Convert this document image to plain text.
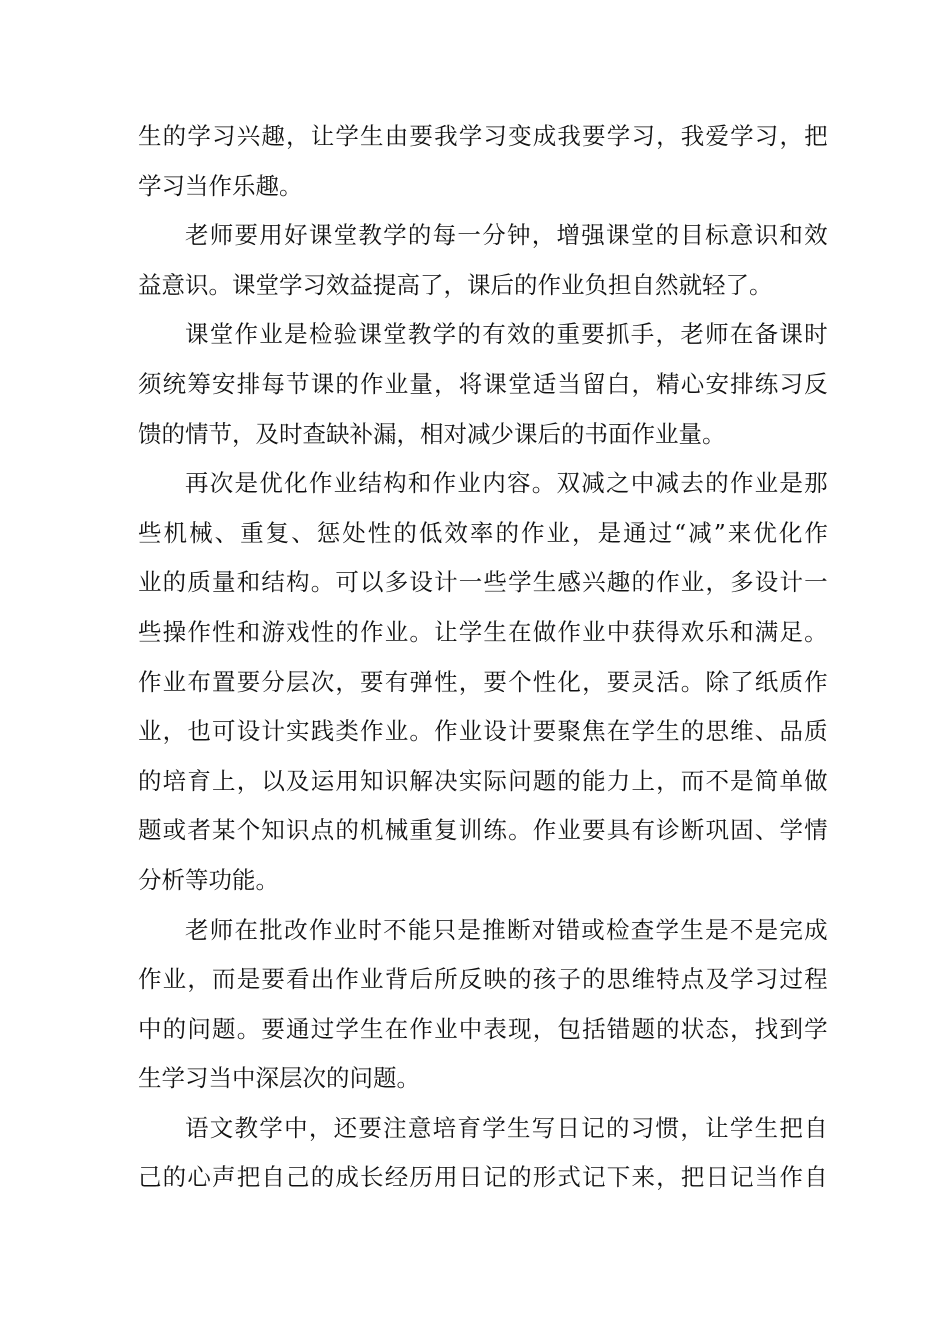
生 的 学 习 兴 趣 ， 让 学 生 由 要 我 学 习 变 成 我 要 学 习 ， 我 爱 学 习 ， 把
学习当作乐趣。
老 师 要 用 好 课 堂 教 学 的 每 一 分 钟 ， 增 强 课 堂 的 目 标 意 识 和 效
益意识。课堂学习效益提高了，课后的作业负担自然就轻了。
课 堂 作 业 是 检 验 课 堂 教 学 的 有 效 的 重 要 抓 手 ， 老 师 在 备 课 时
须 统 筹 安 排 每 节 课 的 作 业 量 ， 将 课 堂 适 当 留 白 ， 精 心 安 排 练 习 反
馈的情节，及时查缺补漏，相对减少课后的书面作业量。
再 次 是 优 化 作 业 结 构 和 作 业 内 容 。 双 减 之 中 减 去 的 作 业 是 那
些 机 械 、 重 复 、 惩 处 性 的 低 效 率 的 作 业 ， 是 通 过 “ 减 ” 来 优 化 作
业 的 质 量 和 结 构 。 可 以 多 设 计 一 些 学 生 感 兴 趣 的 作 业 ， 多 设 计 一
些 操 作 性 和 游 戏 性 的 作 业 。 让 学 生 在 做 作 业 中 获 得 欢 乐 和 满 足 。
作 业 布 置 要 分 层 次 ， 要 有 弹 性 ， 要 个 性 化 ， 要 灵 活 。 除 了 纸 质 作
业 ， 也 可 设 计 实 践 类 作 业 。 作 业 设 计 要 聚 焦 在 学 生 的 思 维 、 品 质
的 培 育 上 ， 以 及 运 用 知 识 解 决 实 际 问 题 的 能 力 上 ， 而 不 是 简 单 做
题 或 者 某 个 知 识 点 的 机 械 重 复 训 练 。 作 业 要 具 有 诊 断 巩 固 、 学 情
分析等功能。
老 师 在 批 改 作 业 时 不 能 只 是 推 断 对 错 或 检 查 学 生 是 不 是 完 成
作 业 ， 而 是 要 看 出 作 业 背 后 所 反 映 的 孩 子 的 思 维 特 点 及 学 习 过 程
中 的 问 题 。 要 通 过 学 生 在 作 业 中 表 现 ， 包 括 错 题 的 状 态 ， 找 到 学
生学习当中深层次的问题。
语 文 教 学 中 ， 还 要 注 意 培 育 学 生 写 日 记 的 习 惯 ， 让 学 生 把 自
己 的 心 声 把 自 己 的 成 长 经 历 用 日 记 的 形 式 记 下 来 ， 把 日 记 当 作 自
